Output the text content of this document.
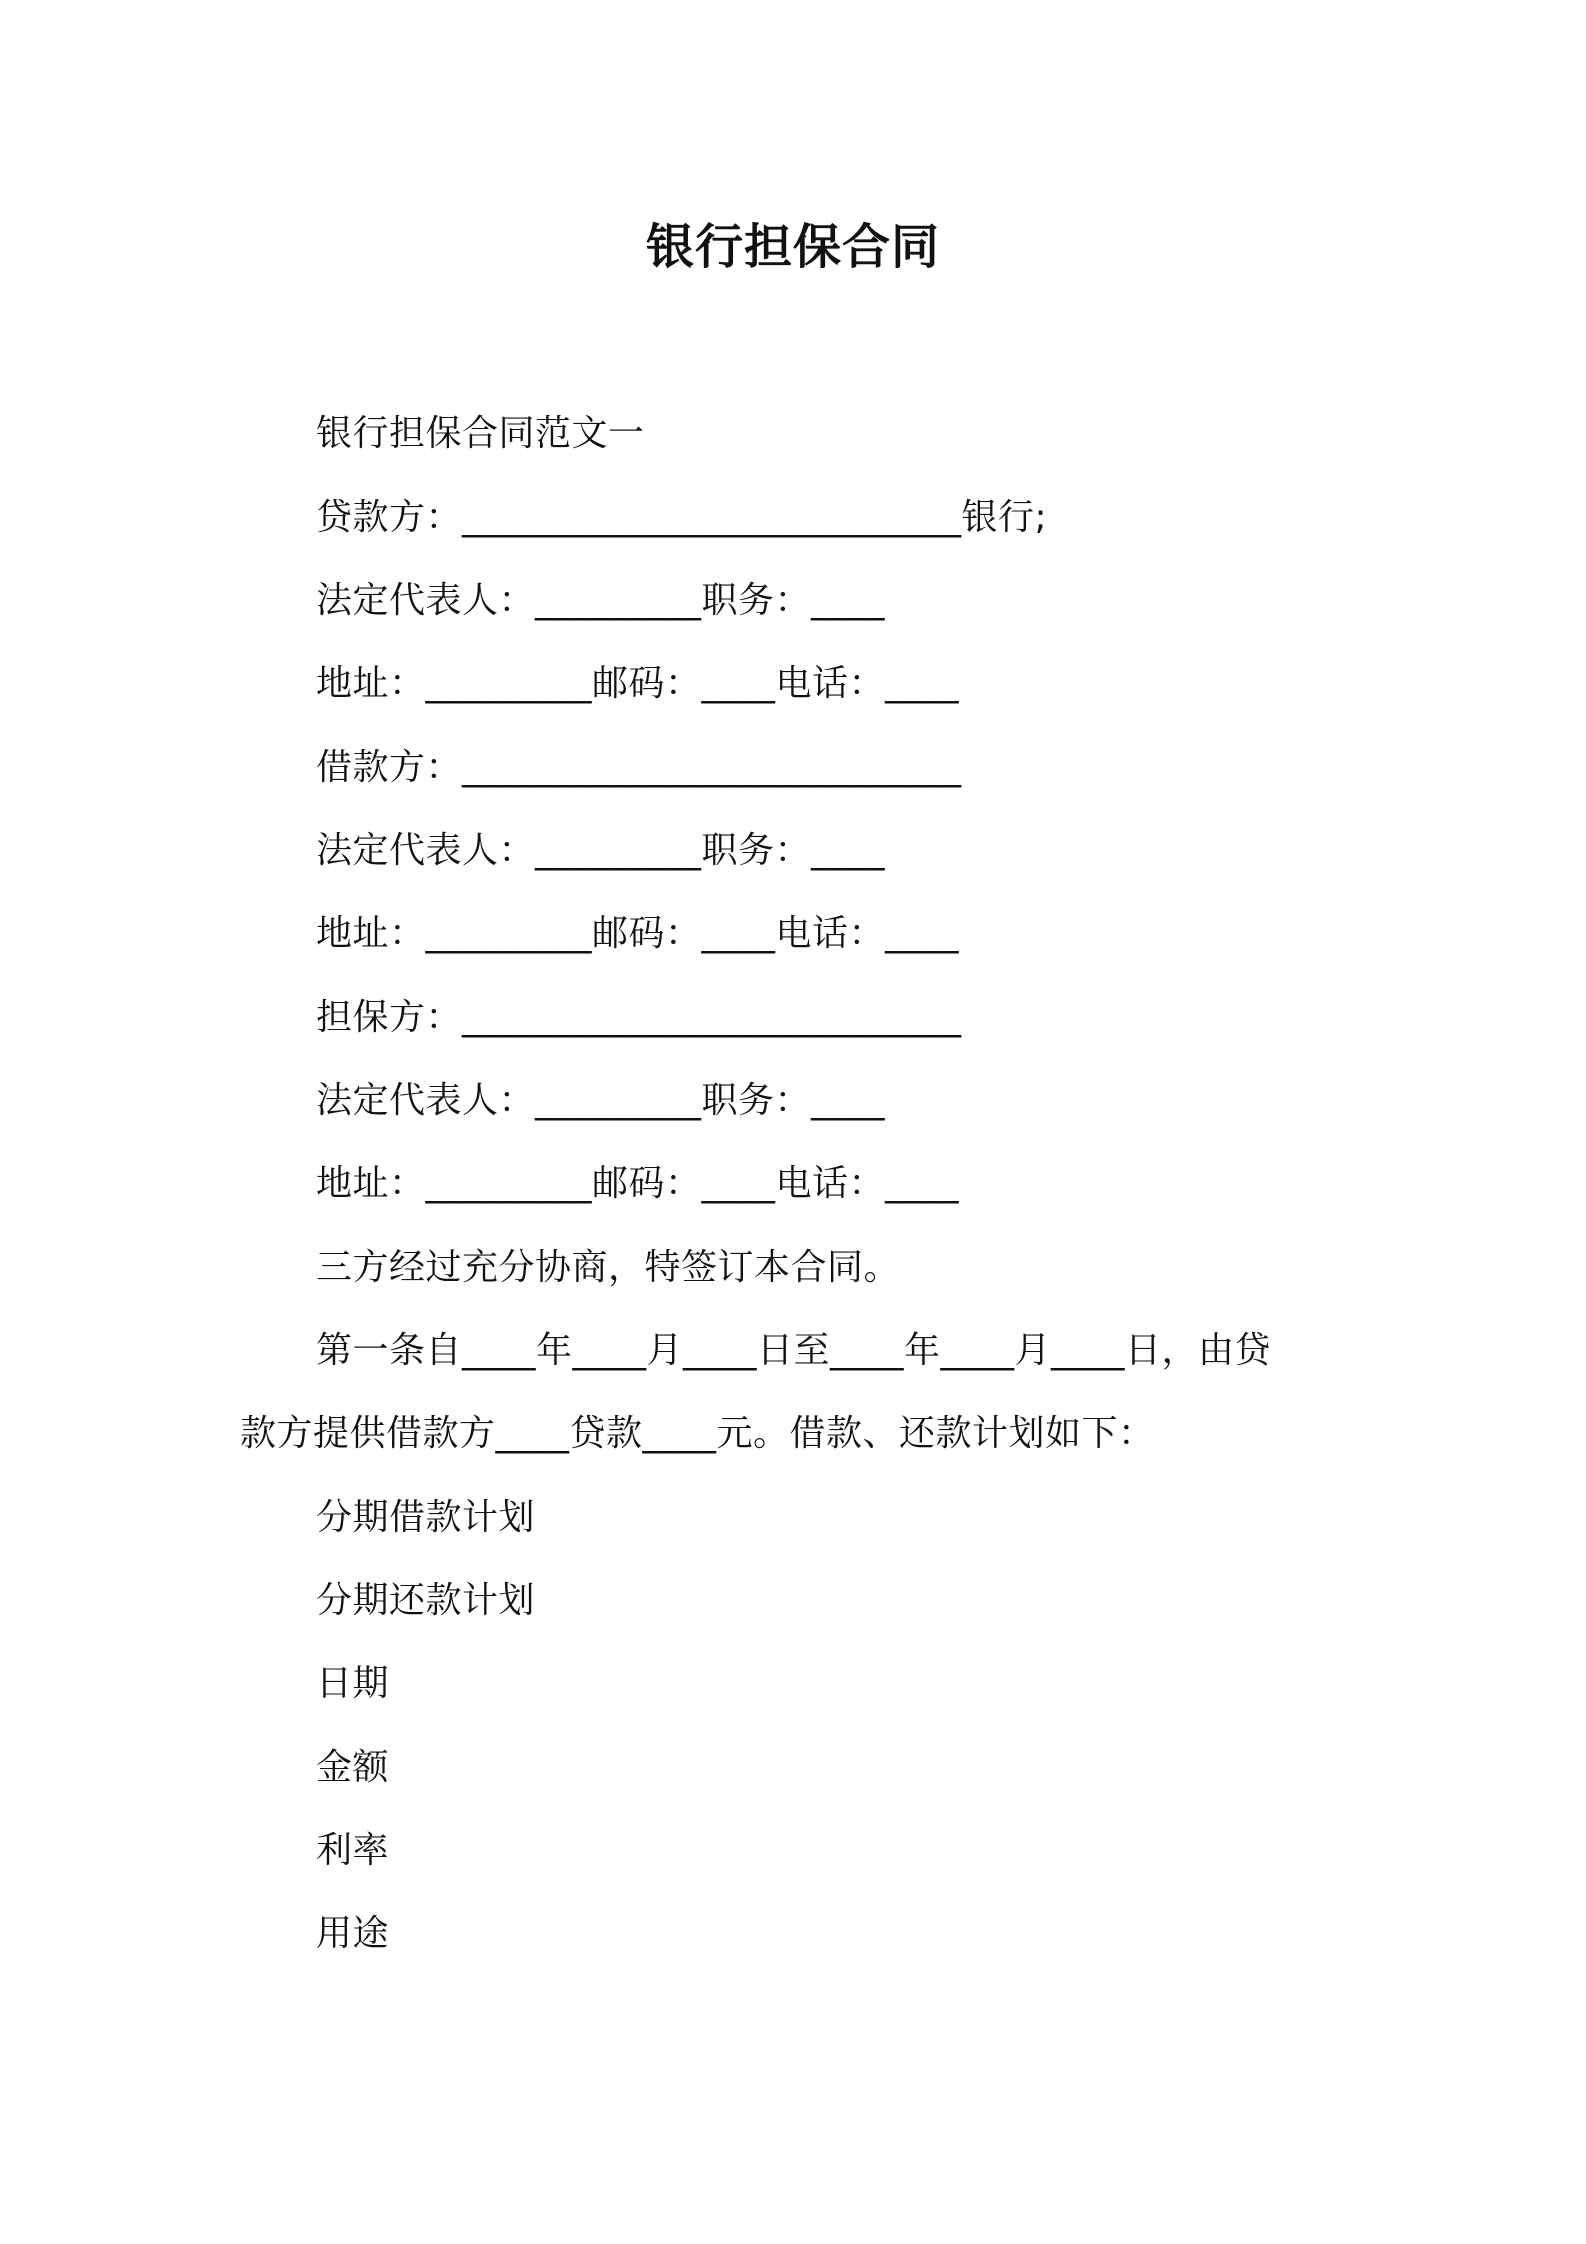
银行担保合同
银行担保合同范文一
贷款方：___________________________银行;
法定代表人：_________职务：____
地址：_________邮码：____电话：____
借款方：___________________________
法定代表人：_________职务：____
地址：_________邮码：____电话：____
担保方：___________________________
法定代表人：_________职务：____
地址：_________邮码：____电话：____
三方经过充分协商，特签订本合同。
第一条自____年____月____日至____年____月____日，由贷
款方提供借款方____贷款____元。借款、还款计划如下：
分期借款计划
分期还款计划
日期
金额
利率
用途
